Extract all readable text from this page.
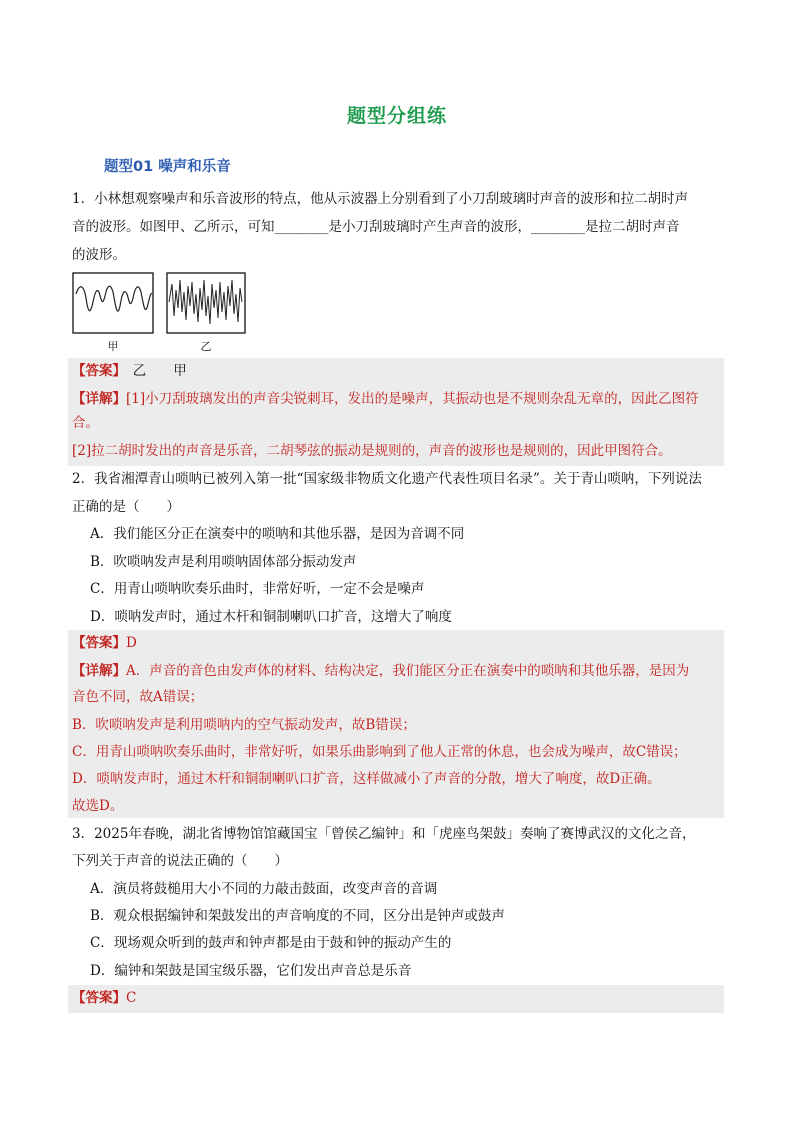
题型分组练
题型01 噪声和乐音
1．小林想观察噪声和乐音波形的特点，他从示波器上分别看到了小刀刮玻璃时声音的波形和拉二胡时声
音的波形。如图甲、乙所示，可知________是小刀刮玻璃时产生声音的波形，________是拉二胡时声音
的波形。
甲	乙
【答案】　乙　　甲
【详解】[1]小刀刮玻璃发出的声音尖锐刺耳，发出的是噪声，其振动也是不规则杂乱无章的，因此乙图符
合。
[2]拉二胡时发出的声音是乐音，二胡琴弦的振动是规则的，声音的波形也是规则的，因此甲图符合。
2．我省湘潭青山唢呐已被列入第一批“国家级非物质文化遗产代表性项目名录”。关于青山唢呐，下列说法
正确的是（　　）
A．我们能区分正在演奏中的唢呐和其他乐器，是因为音调不同
B．吹唢呐发声是利用唢呐固体部分振动发声
C．用青山唢呐吹奏乐曲时，非常好听，一定不会是噪声
D．唢呐发声时，通过木杆和铜制喇叭口扩音，这增大了响度
【答案】D
【详解】A．声音的音色由发声体的材料、结构决定，我们能区分正在演奏中的唢呐和其他乐器，是因为
音色不同，故A错误；
B．吹唢呐发声是利用唢呐内的空气振动发声，故B错误；
C．用青山唢呐吹奏乐曲时，非常好听，如果乐曲影响到了他人正常的休息，也会成为噪声，故C错误；
D．唢呐发声时，通过木杆和铜制喇叭口扩音，这样做减小了声音的分散，增大了响度，故D正确。
故选D。
3．2025年春晚，湖北省博物馆馆藏国宝「曾侯乙编钟」和「虎座鸟架鼓」奏响了赛博武汉的文化之音，
下列关于声音的说法正确的（　　）
A．演员将鼓槌用大小不同的力敲击鼓面，改变声音的音调
B．观众根据编钟和架鼓发出的声音响度的不同，区分出是钟声或鼓声
C．现场观众听到的鼓声和钟声都是由于鼓和钟的振动产生的
D．编钟和架鼓是国宝级乐器，它们发出声音总是乐音
【答案】C
